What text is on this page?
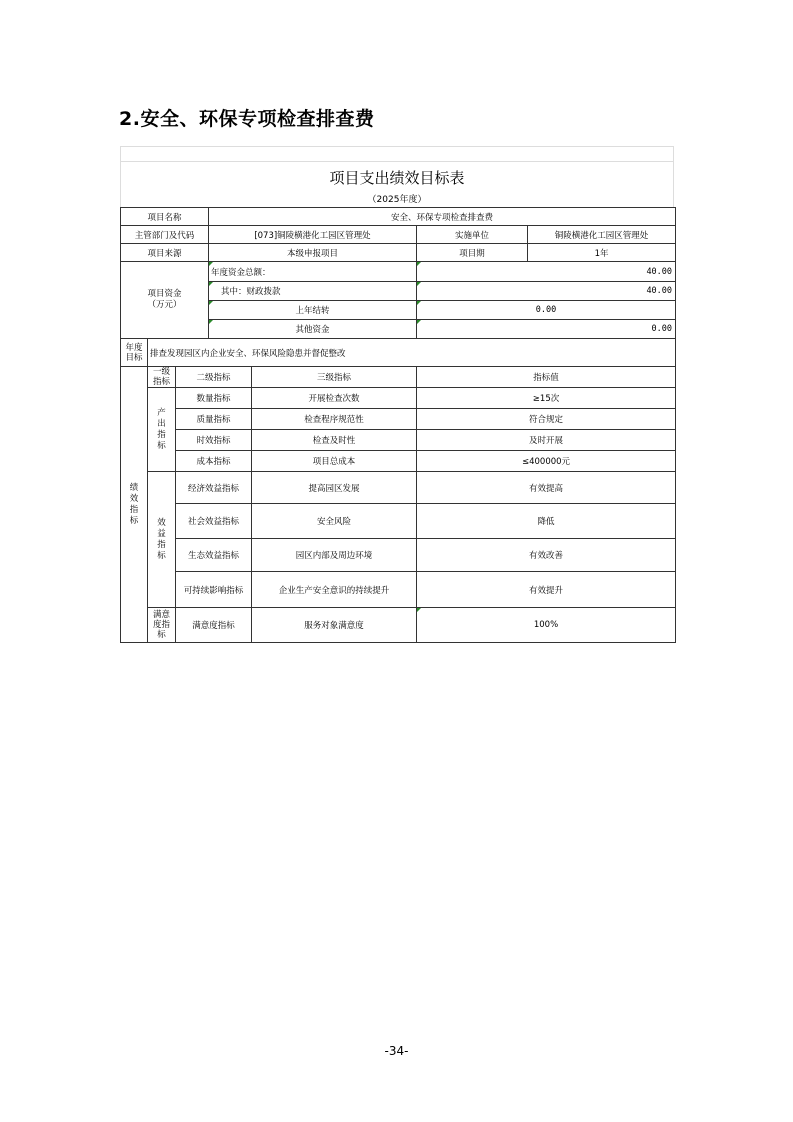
2.安全、环保专项检查排查费
项目支出绩效目标表
（2025年度）
项目名称			安全、环保专项检查排查费			
主管部门及代码			[073]铜陵横港化工园区管理处		实施单位	铜陵横港化工园区管理处
项目来源			本级申报项目		项目期	1年
项目资金
（万元）			年度资金总额：		40.00	
			其中：财政拨款		40.00	
			上年结转		0.00	
			其他资金		0.00	
年度目标	排查发现园区内企业安全、环保风险隐患并督促整改					
绩效指标	一级指标	二级指标		三级指标	指标值	
	产出指标	数量指标		开展检查次数	≥15次	
		质量指标		检查程序规范性	符合规定	
		时效指标		检查及时性	及时开展	
		成本指标		项目总成本	≤400000元	
	效益指标	经济效益指标		提高园区发展	有效提高	
		社会效益指标		安全风险	降低	
		生态效益指标		园区内部及周边环境	有效改善	
		可持续影响指标		企业生产安全意识的持续提升	有效提升	
	满意度指标	满意度指标		服务对象满意度	100%	
-34-
